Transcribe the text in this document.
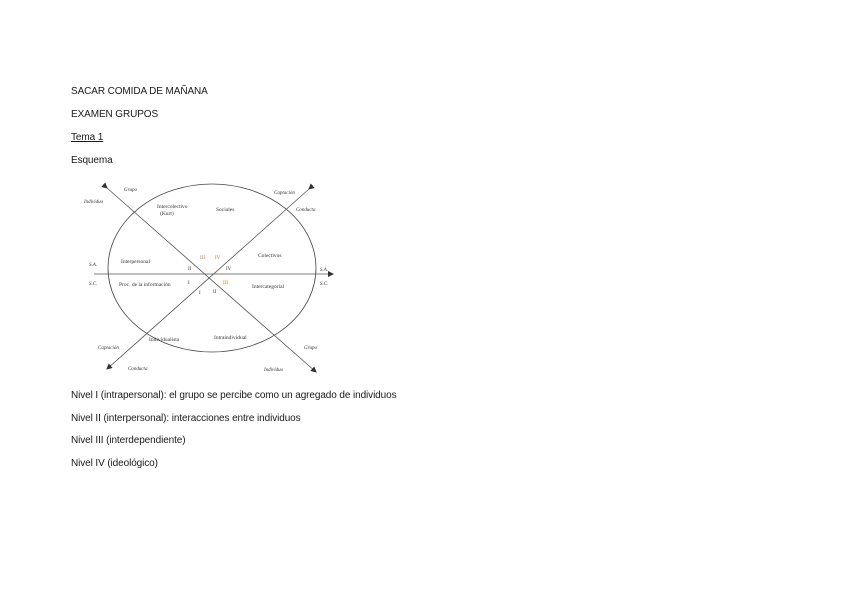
SACAR COMIDA DE MAÑANA
EXAMEN GRUPOS
Tema 1
Esquema
Grupo
Individuo
Captación
Conducta
S.A.
S.C.
S.A.
S.C.
Captación
Conducta
Grupo
Individuo
Intercolectivo
(Kurt)
Sociales
Interpersonal
Colectivos
Proc. de la información	Intercategorial
Individualista	Intraindividual
III IV
II	IV
I	III
I II
Nivel I (intrapersonal): el grupo se percibe como un agregado de individuos
Nivel II (interpersonal): interacciones entre individuos
Nivel III (interdependiente)
Nivel IV (ideológico)
